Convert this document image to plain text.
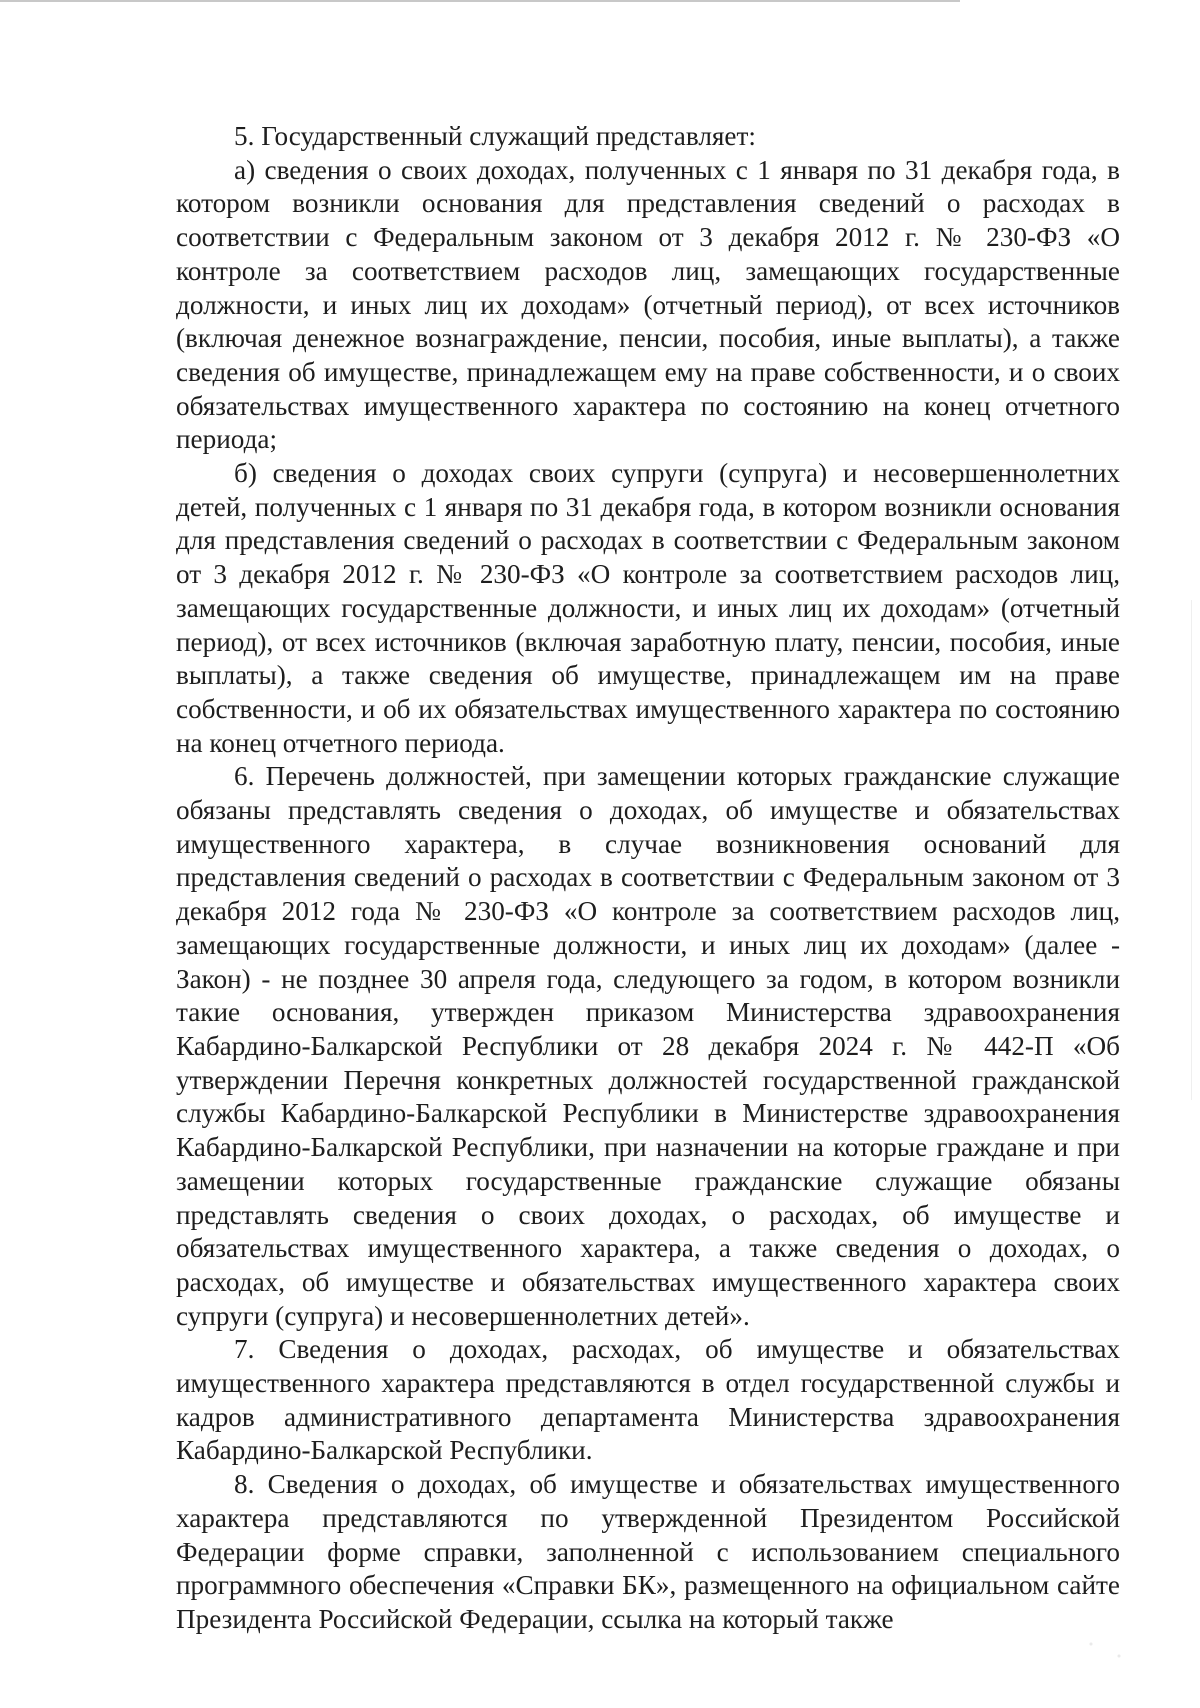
5. Государственный служащий представляет:

а) сведения о своих доходах, полученных с 1 января по 31 декабря года, в котором возникли основания для представления сведений о расходах в соответствии с Федеральным законом от 3 декабря 2012 г. № 230-ФЗ «О контроле за соответствием расходов лиц, замещающих государственные должности, и иных лиц их доходам» (отчетный период), от всех источников (включая денежное вознаграждение, пенсии, пособия, иные выплаты), а также сведения об имуществе, принадлежащем ему на праве собственности, и о своих обязательствах имущественного характера по состоянию на конец отчетного периода;

б) сведения о доходах своих супруги (супруга) и несовершеннолетних детей, полученных с 1 января по 31 декабря года, в котором возникли основания для представления сведений о расходах в соответствии с Федеральным законом от 3 декабря 2012 г. № 230-ФЗ «О контроле за соответствием расходов лиц, замещающих государственные должности, и иных лиц их доходам» (отчетный период), от всех источников (включая заработную плату, пенсии, пособия, иные выплаты), а также сведения об имуществе, принадлежащем им на праве собственности, и об их обязательствах имущественного характера по состоянию на конец отчетного периода.

6. Перечень должностей, при замещении которых гражданские служащие обязаны представлять сведения о доходах, об имуществе и обязательствах имущественного характера, в случае возникновения оснований для представления сведений о расходах в соответствии с Федеральным законом от 3 декабря 2012 года № 230-ФЗ «О контроле за соответствием расходов лиц, замещающих государственные должности, и иных лиц их доходам» (далее - Закон) - не позднее 30 апреля года, следующего за годом, в котором возникли такие основания, утвержден приказом Министерства здравоохранения Кабардино-Балкарской Республики от 28 декабря 2024 г. № 442-П «Об утверждении Перечня конкретных должностей государственной гражданской службы Кабардино-Балкарской Республики в Министерстве здравоохранения Кабардино-Балкарской Республики, при назначении на которые граждане и при замещении которых государственные гражданские служащие обязаны представлять сведения о своих доходах, о расходах, об имуществе и обязательствах имущественного характера, а также сведения о доходах, о расходах, об имуществе и обязательствах имущественного характера своих супруги (супруга) и несовершеннолетних детей».

7. Сведения о доходах, расходах, об имуществе и обязательствах имущественного характера представляются в отдел государственной службы и кадров административного департамента Министерства здравоохранения Кабардино-Балкарской Республики.

8. Сведения о доходах, об имуществе и обязательствах имущественного характера представляются по утвержденной Президентом Российской Федерации форме справки, заполненной с использованием специального программного обеспечения «Справки БК», размещенного на официальном сайте Президента Российской Федерации, ссылка на который также
